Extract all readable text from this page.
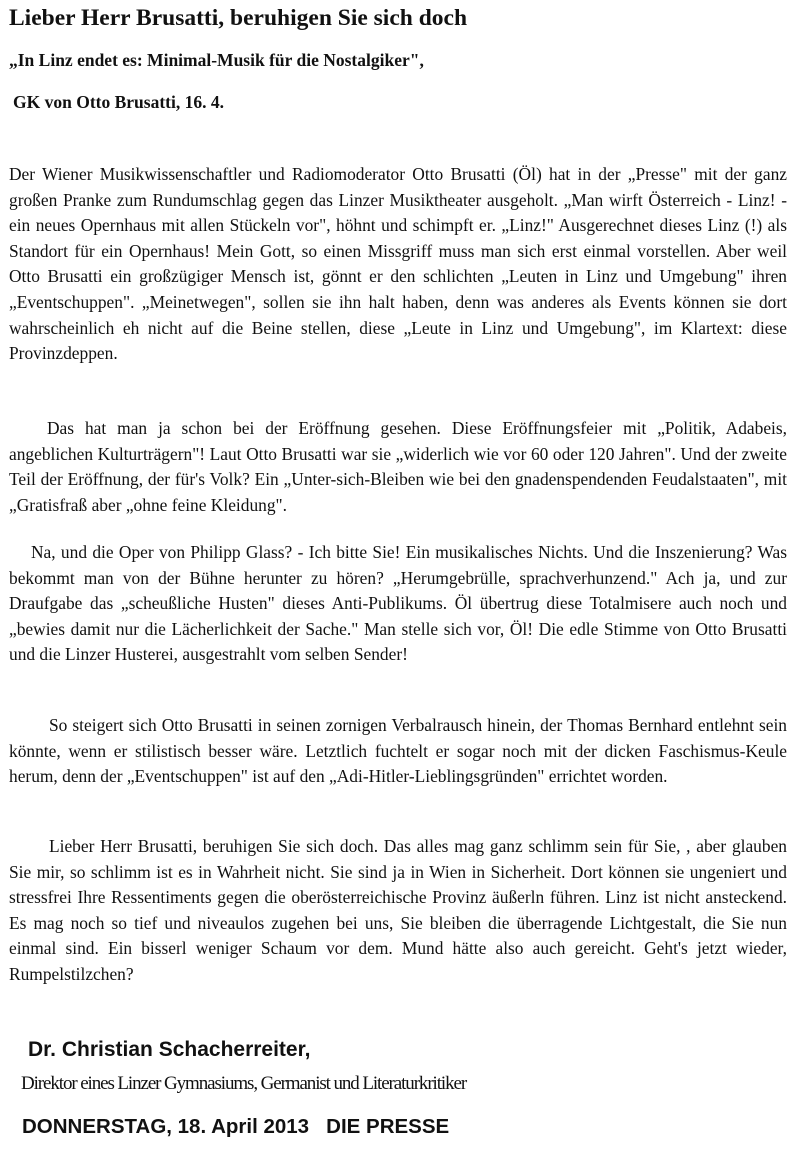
Lieber Herr Brusatti, beruhigen Sie sich doch
„In Linz endet es: Minimal-Musik für die Nostalgiker",
GK von Otto Brusatti, 16. 4.

Der Wiener Musikwissenschaftler und Radiomoderator Otto Brusatti (Öl) hat in der „Presse" mit der ganz großen Pranke zum Rundumschlag gegen das Linzer Musiktheater ausgeholt. „Man wirft Österreich - Linz! - ein neues Opernhaus mit allen Stückeln vor", höhnt und schimpft er. „Linz!" Ausgerechnet dieses Linz (!) als Standort für ein Opernhaus! Mein Gott, so einen Missgriff muss man sich erst einmal vorstellen. Aber weil Otto Brusatti ein großzügiger Mensch ist, gönnt er den schlichten „Leuten in Linz und Umgebung" ihren „Eventschuppen". „Meinetwegen", sollen sie ihn halt haben, denn was anderes als Events können sie dort wahrscheinlich eh nicht auf die Beine stellen, diese „Leute in Linz und Umgebung", im Klartext: diese Provinzdeppen.

Das hat man ja schon bei der Eröffnung gesehen. Diese Eröffnungsfeier mit „Politik, Adabeis, angeblichen Kulturträgern"! Laut Otto Brusatti war sie „widerlich wie vor 60 oder 120 Jahren". Und der zweite Teil der Eröffnung, der für's Volk? Ein „Unter-sich-Bleiben wie bei den gnadenspendenden Feudalstaaten", mit „Gratisfraß aber „ohne feine Kleidung".

Na, und die Oper von Philipp Glass? - Ich bitte Sie! Ein musikalisches Nichts. Und die Inszenierung? Was bekommt man von der Bühne herunter zu hören? „Herumgebrülle, sprachverhunzend." Ach ja, und zur Draufgabe das „scheußliche Husten" dieses Anti-Publikums. Öl übertrug diese Totalmisere auch noch und „bewies damit nur die Lächerlichkeit der Sache." Man stelle sich vor, Öl! Die edle Stimme von Otto Brusatti und die Linzer Husterei, ausgestrahlt vom selben Sender!

So steigert sich Otto Brusatti in seinen zornigen Verbalrausch hinein, der Thomas Bernhard entlehnt sein könnte, wenn er stilistisch besser wäre. Letztlich fuchtelt er sogar noch mit der dicken Faschismus-Keule herum, denn der „Eventschuppen" ist auf den „Adi-Hitler-Lieblingsgründen" errichtet worden.

Lieber Herr Brusatti, beruhigen Sie sich doch. Das alles mag ganz schlimm sein für Sie, , aber glauben Sie mir, so schlimm ist es in Wahrheit nicht. Sie sind ja in Wien in Sicherheit. Dort können sie ungeniert und stressfrei Ihre Ressentiments gegen die oberösterreichische Provinz äußerln führen. Linz ist nicht ansteckend. Es mag noch so tief und niveaulos zugehen bei uns, Sie bleiben die überragende Lichtgestalt, die Sie nun einmal sind. Ein bisserl weniger Schaum vor dem. Mund hätte also auch gereicht. Geht's jetzt wieder, Rumpelstilzchen?

Dr. Christian Schacherreiter,
Direktor eines Linzer Gymnasiums, Germanist und Literaturkritiker
DONNERSTAG, 18. April 2013   DIE PRESSE
